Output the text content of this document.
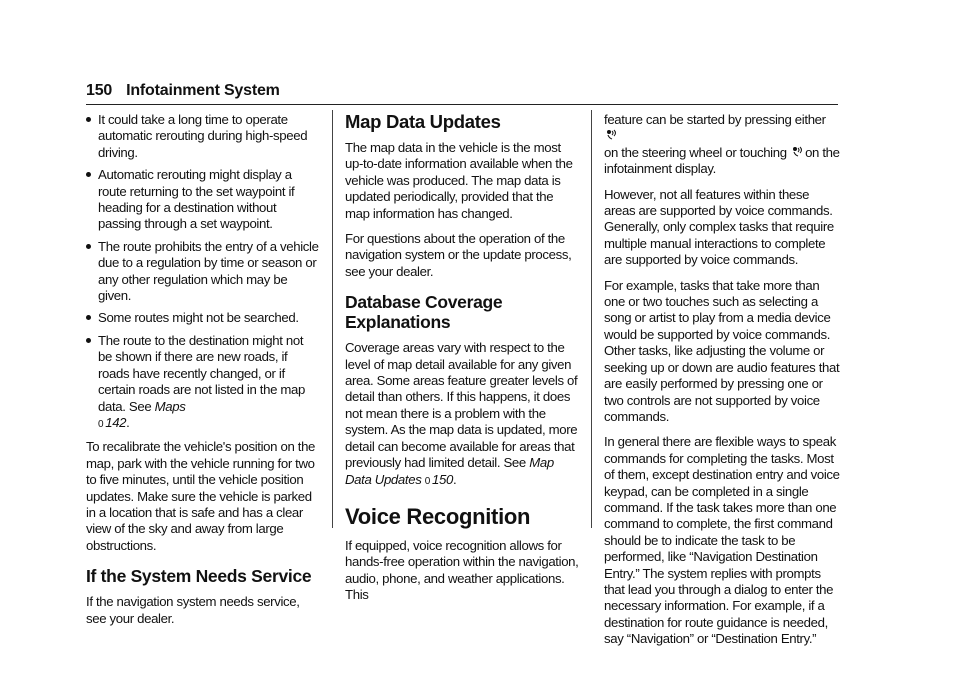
150 Infotainment System
It could take a long time to operate automatic rerouting during high-speed driving.
Automatic rerouting might display a route returning to the set waypoint if heading for a destination without passing through a set waypoint.
The route prohibits the entry of a vehicle due to a regulation by time or season or any other regulation which may be given.
Some routes might not be searched.
The route to the destination might not be shown if there are new roads, if roads have recently changed, or if certain roads are not listed in the map data. See Maps
0 142.

To recalibrate the vehicle's position on the map, park with the vehicle running for two to five minutes, until the vehicle position updates. Make sure the vehicle is parked in a location that is safe and has a clear view of the sky and away from large obstructions.

If the System Needs Service

If the navigation system needs service, see your dealer.

Map Data Updates

The map data in the vehicle is the most up-to-date information available when the vehicle was produced. The map data is updated periodically, provided that the map information has changed.

For questions about the operation of the navigation system or the update process, see your dealer.

Database Coverage Explanations

Coverage areas vary with respect to the level of map detail available for any given area. Some areas feature greater levels of detail than others. If this happens, it does not mean there is a problem with the system. As the map data is updated, more detail can become available for areas that previously had limited detail. See Map Data Updates 0 150.

Voice Recognition

If equipped, voice recognition allows for hands-free operation within the navigation, audio, phone, and weather applications. This

feature can be started by pressing either
on the steering wheel or touching on the infotainment display.

However, not all features within these areas are supported by voice commands. Generally, only complex tasks that require multiple manual interactions to complete are supported by voice commands.

For example, tasks that take more than one or two touches such as selecting a song or artist to play from a media device would be supported by voice commands. Other tasks, like adjusting the volume or seeking up or down are audio features that are easily performed by pressing one or two controls are not supported by voice commands.

In general there are flexible ways to speak commands for completing the tasks. Most of them, except destination entry and voice keypad, can be completed in a single command. If the task takes more than one command to complete, the first command should be to indicate the task to be performed, like “Navigation Destination Entry.” The system replies with prompts that lead you through a dialog to enter the necessary information. For example, if a destination for route guidance is needed, say “Navigation” or “Destination Entry.”
